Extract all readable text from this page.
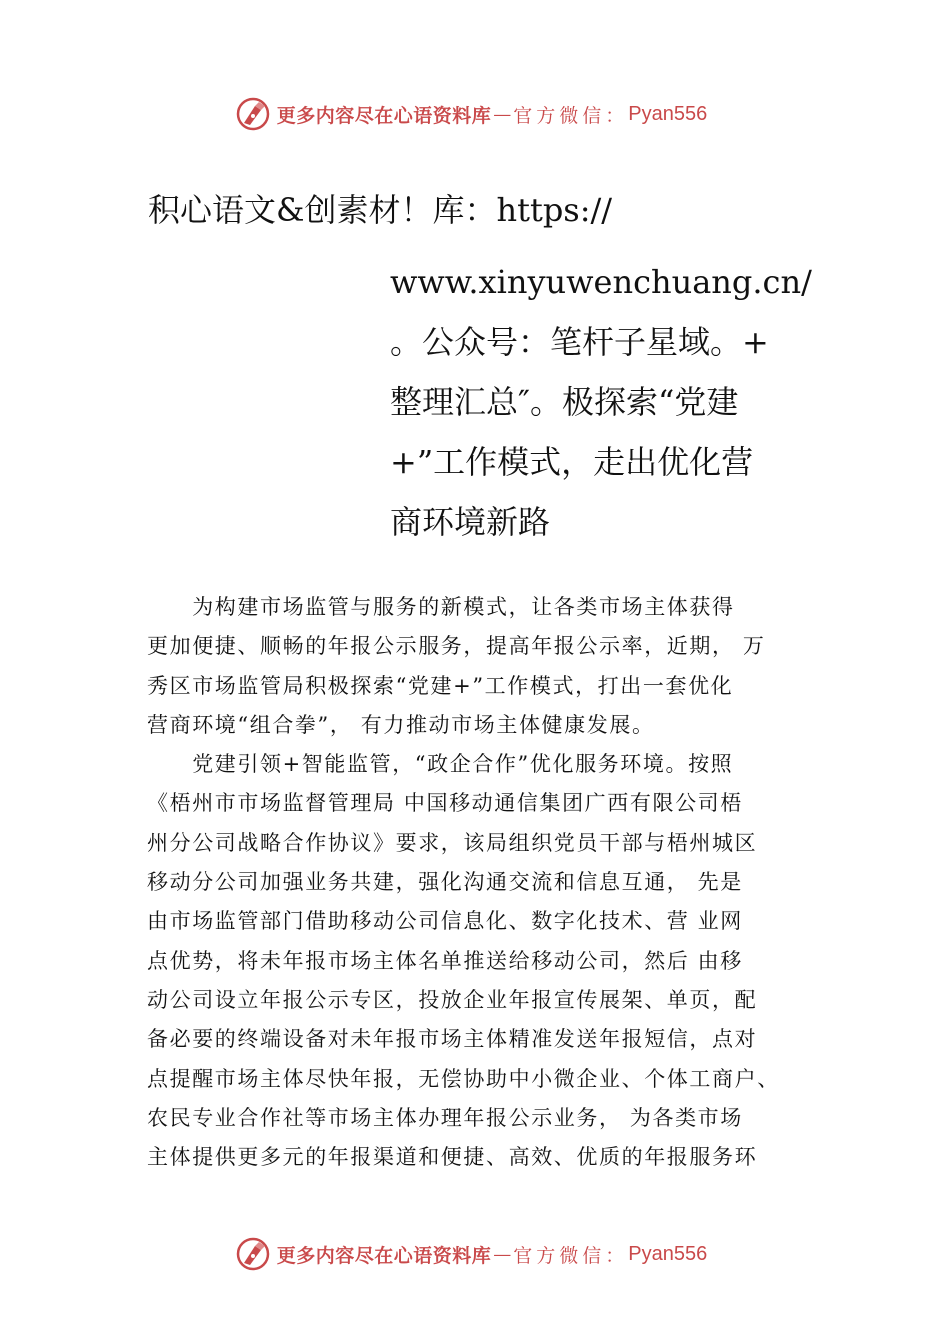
更多内容尽在心语资料库 — 官方微信： Pyan556
积心语文&创素材！库：https://
www.xinyuwenchuang.cn/
。公众号：笔杆子星域。+
整理汇总″。极探索“党建
+”工作模式，走出优化营
商环境新路

　　为构建市场监管与服务的新模式，让各类市场主体获得

更加便捷、顺畅的年报公示服务，提高年报公示率，近期， 万

秀区市场监管局积极探索“党建+”工作模式，打出一套优化

营商环境“组合拳”， 有力推动市场主体健康发展。

　　党建引领+智能监管，“政企合作”优化服务环境。按照

《梧州市市场监督管理局 中国移动通信集团广西有限公司梧

州分公司战略合作协议》要求，该局组织党员干部与梧州城区

移动分公司加强业务共建，强化沟通交流和信息互通， 先是

由市场监管部门借助移动公司信息化、数字化技术、营 业网

点优势，将未年报市场主体名单推送给移动公司，然后 由移

动公司设立年报公示专区，投放企业年报宣传展架、单页，配

备必要的终端设备对未年报市场主体精准发送年报短信，点对

点提醒市场主体尽快年报，无偿协助中小微企业、个体工商户、

农民专业合作社等市场主体办理年报公示业务， 为各类市场

主体提供更多元的年报渠道和便捷、高效、优质的年报服务环

更多内容尽在心语资料库 — 官方微信： Pyan556
